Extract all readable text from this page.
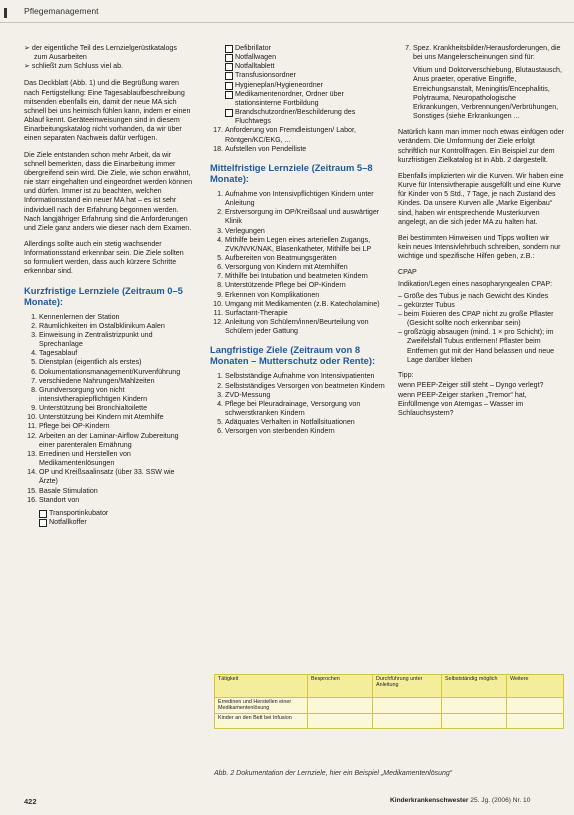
Pflegemanagement

➢ der eigentliche Teil des Lernzielgerüstkatalogs zum Ausarbeiten

➢ schließt zum Schluss viel ab.

Das Deckblatt (Abb. 1) und die Begrüßung waren nach Fertigstellung: Eine Tagesablaufbeschreibung mitsenden ebenfalls ein, damit der neue MA sich schnell bei uns heimisch fühlen kann, indem er einen Ablauf kennt. Geräteeinweisungen sind in diesem Einarbeitungskatalog nicht vorhanden, da wir über einen separaten Nachweis dafür verfügen.

Die Ziele entstanden schon mehr Arbeit, da wir schnell bemerkten, dass die Einarbeitung immer übergreifend sein wird. Die Ziele, wie schon erwähnt, nie starr eingehalten und eingeordnet werden können und dürfen. Immer ist zu beachten, welchen Informationsstand ein neuer MA hat – es ist sehr individuell nach der Erfahrung begonnen werden. Nach langjähriger Erfahrung sind die Anforderungen und Ziele ganz anders wie dieser nach dem Examen.

Allerdings sollte auch ein stetig wachsender Informationsstand erkennbar sein. Die Ziele sollten so formuliert werden, dass auch kürzere Schritte erkennbar sind.

Kurzfristige Lernziele (Zeitraum 0–5 Monate):
1. Kennenlernen der Station
2. Räumlichkeiten im Ostalbklinikum Aalen
3. Einweisung in Zentralistrizpunkt und Sprechanlage
4. Tagesablauf
5. Dienstplan (eigentlich als erstes)
6. Dokumentationsmanagement/Kurvenführung
7. verschiedene Nahrungen/Mahlzeiten
8. Grundversorgung von nicht intensivtherapiepflichtigen Kindern
9. Unterstützung bei Bronchialtoilette
10. Unterstützung bei Kindern mit Atemhilfe
11. Pflege bei OP-Kindern
12. Arbeiten an der Laminar-Airflow Zubereitung einer parenteralen Ernährung
13. Erredinen und Herstellen von Medikamentenlösungen
14. OP und Kreißsaalinsatz (über 33. SSW wie Ärzte)
15. Basale Stimulation
16. Standort von
Transportinkubator
Notfallkoffer
Defibrillator
Notfallwagen
Notfalltablett
Transfusionsordner
Hygieneplan/Hygieneordner
Medikamentenordner, Ordner über stationsinterne Fortbildung
Brandschutzordner/Beschilderung des Fluchtwegs
17. Anforderung von Fremdleistungen/ Labor, Röntgen/KC/EKG, ...
18. Aufstellen von Pendelliste
Mittelfristige Lernziele (Zeitraum 5–8 Monate):
1. Aufnahme von Intensivpflichtigen Kindern unter Anleitung
2. Erstversorgung im OP/Kreißsaal und auswärtiger Klinik
3. Verlegungen
4. Mithilfe beim Legen eines arteriellen Zugangs, ZVK/NVK/NAK, Blasenkatheter, Mithilfe bei LP
5. Aufbereiten von Beatmungsgeräten
6. Versorgung von Kindern mit Atemhilfen
7. Mithilfe bei Intubation und beatmeten Kindern
8. Unterstützende Pflege bei OP-Kindern
9. Erkennen von Komplikationen
10. Umgang mit Medikamenten (z.B. Katecholamine)
11. Surfactant-Therapie
12. Anleitung von Schülern/innen/Beurteilung von Schülern jeder Gattung
Langfristige Ziele (Zeitraum von 8 Monaten – Mutterschutz oder Rente):
1. Selbstständige Aufnahme von Intensivpatienten
2. Selbstständiges Versorgen von beatmeten Kindern
3. ZVD-Messung
4. Pflege bei Pleuradrainage, Versorgung von schwerstkranken Kindern
5. Adäquates Verhalten in Notfallsituationen
6. Versorgen von sterbenden Kindern
7. Spez. Krankheitsbilder/Herausforderungen, die bei uns Mangelerscheinungen sind für:

Vitium und Doktorverschiebung, Blutaustausch, Anus praeter, operative Eingriffe, Erreichungsanstalt, Meningitis/Encephalitis, Polytrauma, Neuropathologische Erkrankungen, Verbrennungen/Verbrühungen, Sonstiges (siehe Erkrankungen ...

Natürlich kann man immer noch etwas einfügen oder verändern. Die Umformung der Ziele erfolgt schriftlich nur Kontrollfragen. Ein Beispiel zur dem kurzfristigen Zielkatalog ist in Abb. 2 dargestellt.

Ebenfalls implizierten wir die Kurven. Wir haben eine Kurve für Intensivtherapie ausgefüllt und eine Kurve für Kinder von 5 Std., 7 Tage, je nach Zustand des Kindes. Da unsere Kurven alle „Marke Eigenbau“ sind, haben wir entsprechende Musterkurven angelegt, an die sich jeder MA zu halten hat.

Bei bestimmten Hinweisen und Tipps wollten wir kein neues Intensivlehrbuch schreiben, sondern nur wichtige und spezifische Hilfen geben, z.B.:

CPAP

Indikation/Legen eines nasopharyngealen CPAP:

– Größe des Tubus je nach Gewicht des Kindes

– gekürzter Tubus

– beim Fixieren des CPAP nicht zu große Pflaster (Gesicht sollte noch erkennbar sein)

– großzügig absaugen (mind. 1 × pro Schicht); im Zweifelsfall Tubus entfernen! Pflaster beim Entfernen gut mit der Hand belassen und neue Lage darüber kleben

Tipp:

wenn PEEP-Zeiger still steht – Dyngo verlegt?

wenn PEEP-Zeiger starken „Tremor“ hat, Einfüllmenge von Atemgas – Wasser im Schlauchsystem?

Tätigkeit	Besprochen	Durchführung unter Anleitung	Selbstständig möglich	Weitere
Erredinen und Herstellen einer Medikamentenlösung				
Kinder an den Bett bei Infusion				
Abb. 2 Dokumentation der Lernziele, hier ein Beispiel „Medikamentenlösung“
422	Kinderkrankenschwester 25. Jg. (2006) Nr. 10
